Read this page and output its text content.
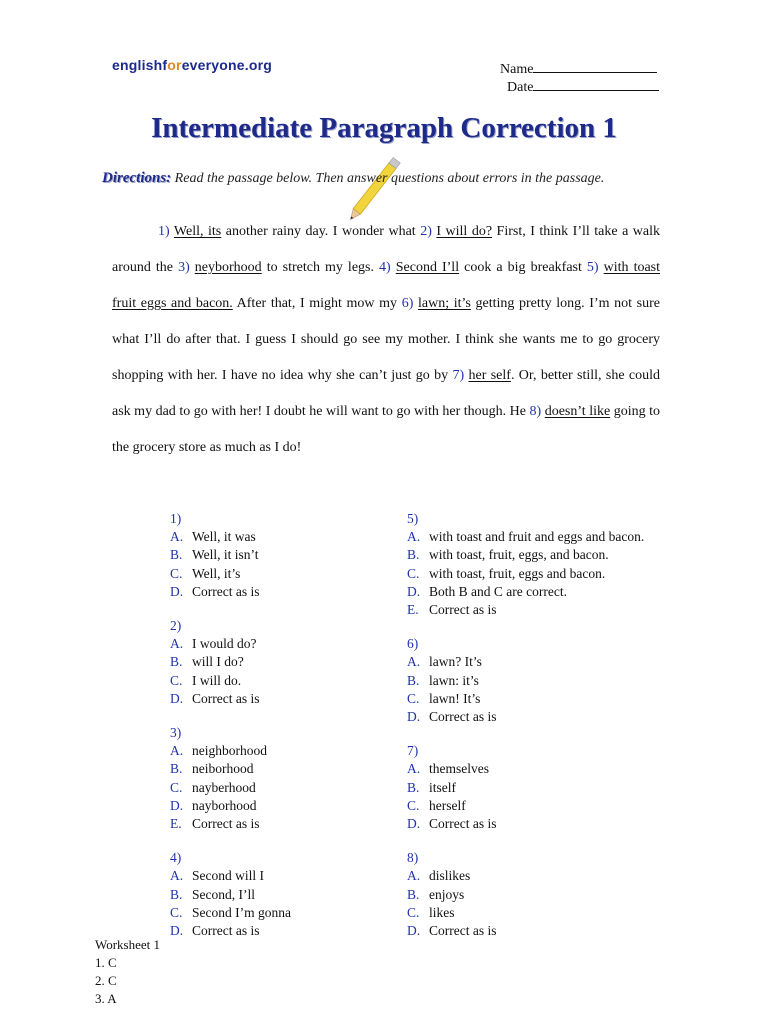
englishforeveryone.org	Name
Date
Intermediate Paragraph Correction 1
Directions: Read the passage below. Then answer questions about errors in the passage.

1) Well, its another rainy day. I wonder what 2) I will do? First, I think I’ll take a walk around the 3) neyborhood to stretch my legs. 4) Second I’ll cook a big breakfast 5) with toast fruit eggs and bacon. After that, I might mow my 6) lawn; it’s getting pretty long. I’m not sure what I’ll do after that. I guess I should go see my mother. I think she wants me to go grocery shopping with her. I have no idea why she can’t just go by 7) her self. Or, better still, she could ask my dad to go with her! I doubt he will want to go with her though. He 8) doesn’t like going to the grocery store as much as I do!

1)
A. Well, it was
B. Well, it isn’t
C. Well, it’s
D. Correct as is
2)
A. I would do?
B. will I do?
C. I will do.
D. Correct as is
3)
A. neighborhood
B. neiborhood
C. nayberhood
D. nayborhood
E. Correct as is
4)
A. Second will I
B. Second, I’ll
C. Second I’m gonna
D. Correct as is
5)
A. with toast and fruit and eggs and bacon.
B. with toast, fruit, eggs, and bacon.
C. with toast, fruit, eggs and bacon.
D. Both B and C are correct.
E. Correct as is
6)
A. lawn? It’s
B. lawn: it’s
C. lawn! It’s
D. Correct as is
7)
A. themselves
B. itself
C. herself
D. Correct as is
8)
A. dislikes
B. enjoys
C. likes
D. Correct as is
Worksheet 1
1. C
2. C
3. A
